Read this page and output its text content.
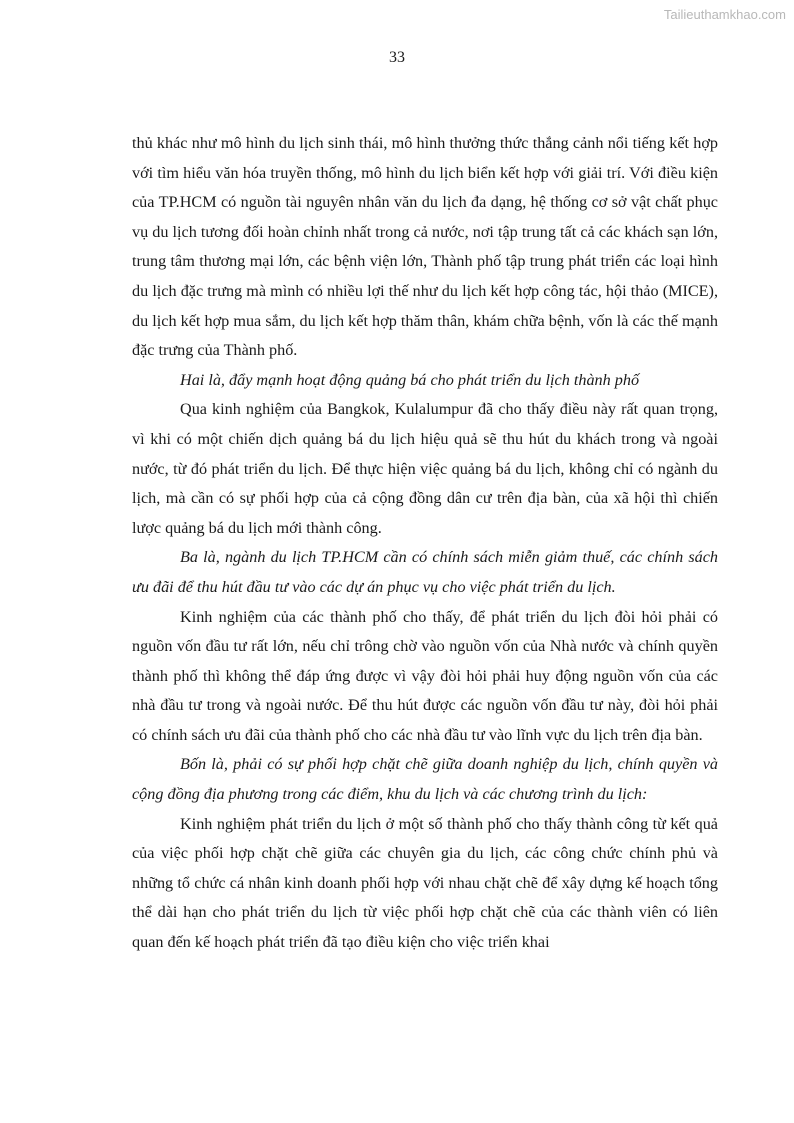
Tailieuthamkhao.com
33

thủ khác như mô hình du lịch sinh thái, mô hình thưởng thức thắng cảnh nổi tiếng kết hợp với tìm hiểu văn hóa truyền thống, mô hình du lịch biển kết hợp với giải trí. Với điều kiện của TP.HCM có nguồn tài nguyên nhân văn du lịch đa dạng, hệ thống cơ sở vật chất phục vụ du lịch tương đối hoàn chỉnh nhất trong cả nước, nơi tập trung tất cả các khách sạn lớn, trung tâm thương mại lớn, các bệnh viện lớn, Thành phố tập trung phát triển các loại hình du lịch đặc trưng mà mình có nhiều lợi thế như du lịch kết hợp công tác, hội thảo (MICE), du lịch kết hợp mua sắm, du lịch kết hợp thăm thân, khám chữa bệnh, vốn là các thế mạnh đặc trưng của Thành phố.

Hai là, đẩy mạnh hoạt động quảng bá cho phát triển du lịch thành phố

Qua kinh nghiệm của Bangkok, Kulalumpur đã cho thấy điều này rất quan trọng, vì khi có một chiến dịch quảng bá du lịch hiệu quả sẽ thu hút du khách trong và ngoài nước, từ đó phát triển du lịch. Để thực hiện việc quảng bá du lịch, không chỉ có ngành du lịch, mà cần có sự phối hợp của cả cộng đồng dân cư trên địa bàn, của xã hội thì chiến lược quảng bá du lịch mới thành công.

Ba là, ngành du lịch TP.HCM cần có chính sách miễn giảm thuế, các chính sách ưu đãi để thu hút đầu tư vào các dự án phục vụ cho việc phát triển du lịch.

Kinh nghiệm của các thành phố cho thấy, để phát triển du lịch đòi hỏi phải có nguồn vốn đầu tư rất lớn, nếu chỉ trông chờ vào nguồn vốn của Nhà nước và chính quyền thành phố thì không thể đáp ứng được vì vậy đòi hỏi phải huy động nguồn vốn của các nhà đầu tư trong và ngoài nước. Để thu hút được các nguồn vốn đầu tư này, đòi hỏi phải có chính sách ưu đãi của thành phố cho các nhà đầu tư vào lĩnh vực du lịch trên địa bàn.

Bốn là, phải có sự phối hợp chặt chẽ giữa doanh nghiệp du lịch, chính quyền và cộng đồng địa phương trong các điểm, khu du lịch và các chương trình du lịch:

Kinh nghiệm phát triển du lịch ở một số thành phố cho thấy thành công từ kết quả của việc phối hợp chặt chẽ giữa các chuyên gia du lịch, các công chức chính phủ và những tổ chức cá nhân kinh doanh phối hợp với nhau chặt chẽ để xây dựng kế hoạch tổng thể dài hạn cho phát triển du lịch từ việc phối hợp chặt chẽ của các thành viên có liên quan đến kế hoạch phát triển đã tạo điều kiện cho việc triển khai
